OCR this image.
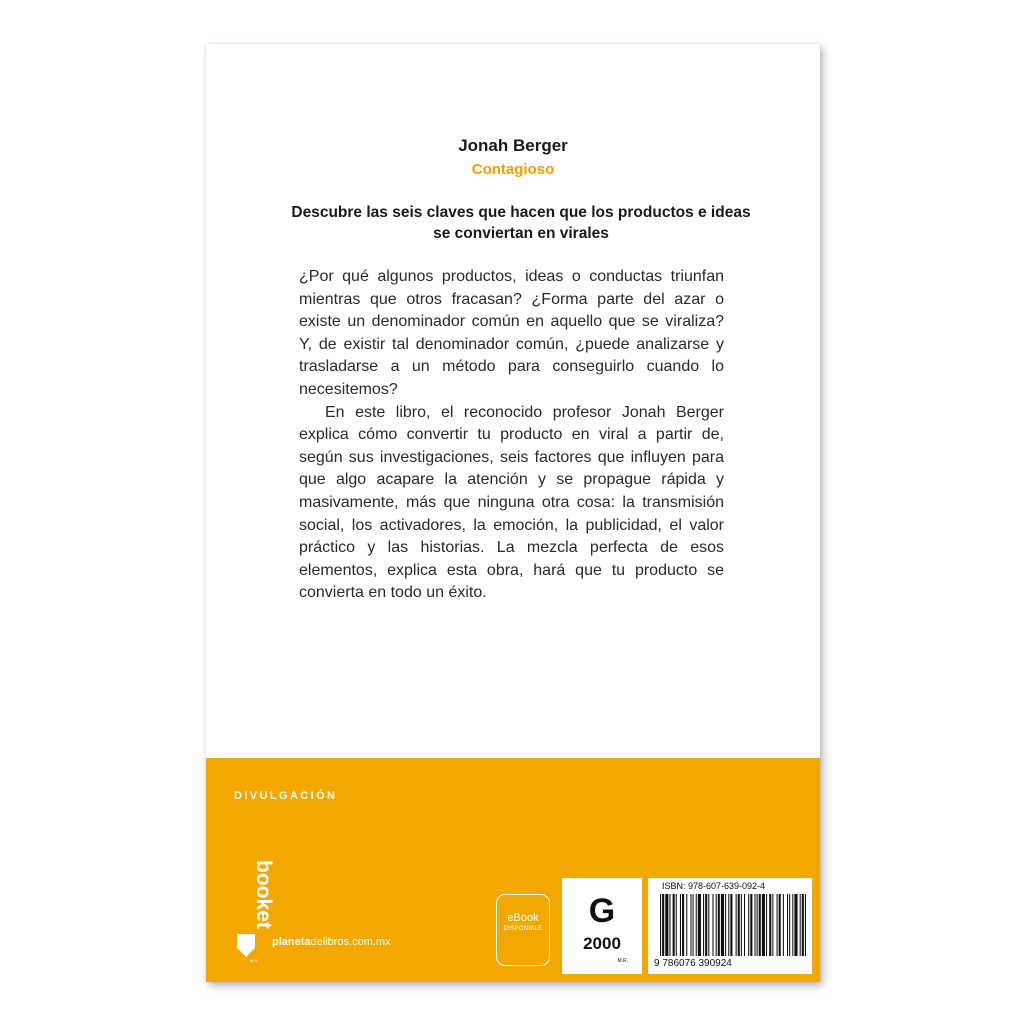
Jonah Berger
Contagioso
Descubre las seis claves que hacen que los productos e ideas se conviertan en virales

¿Por qué algunos productos, ideas o conductas triunfan mientras que otros fracasan? ¿Forma parte del azar o existe un denominador común en aquello que se viraliza? Y, de existir tal denominador común, ¿puede analizarse y trasladarse a un método para conseguirlo cuando lo necesitemos?

En este libro, el reconocido profesor Jonah Berger explica cómo convertir tu producto en viral a partir de, según sus investigaciones, seis factores que influyen para que algo acapare la atención y se propague rápida y masivamente, más que ninguna otra cosa: la transmisión social, los activadores, la emoción, la publicidad, el valor práctico y las historias. La mezcla perfecta de esos elementos, explica esta obra, hará que tu producto se convierta en todo un éxito.

DIVULGACIÓN
booket
M.R.
planetadelibros.com.mx
eBook
DISPONIBLE	G
2000
M.R.
ISBN: 978-607-639-092-4
9 786076 390924
